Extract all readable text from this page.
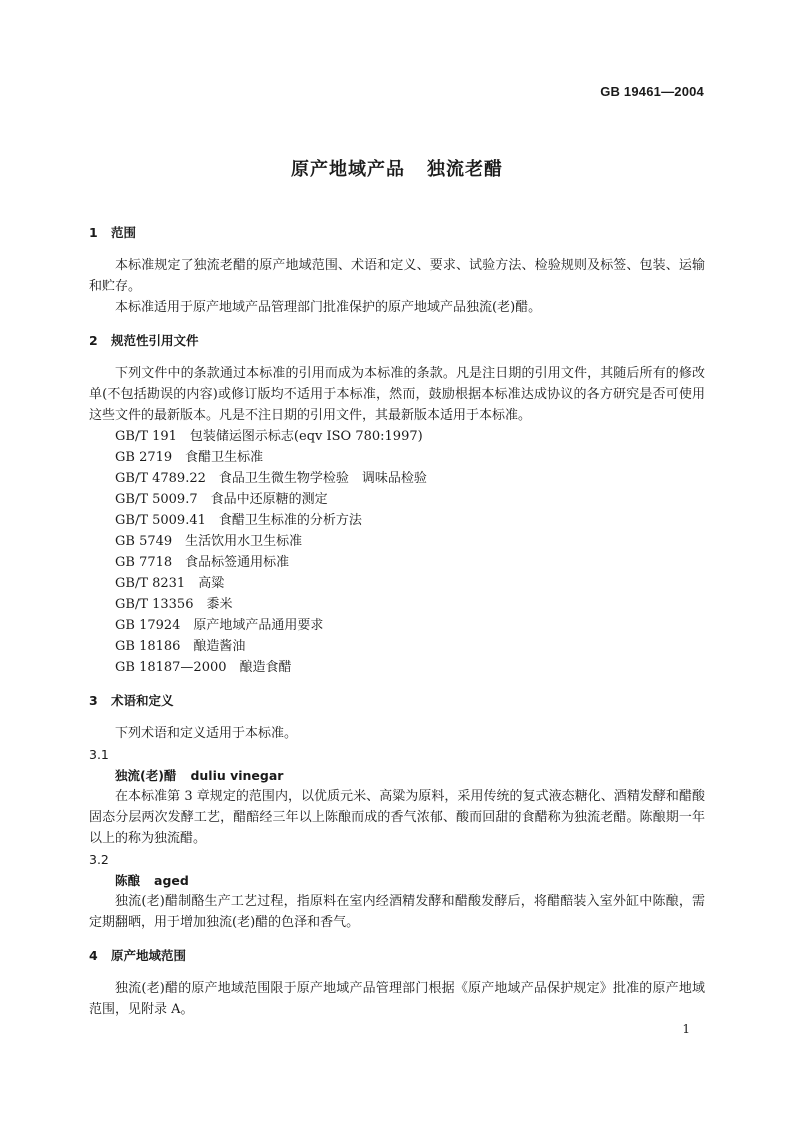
GB 19461—2004
原产地域产品 独流老醋

1 范围

本标准规定了独流老醋的原产地域范围、术语和定义、要求、试验方法、检验规则及标签、包装、运输和贮存。

本标准适用于原产地域产品管理部门批准保护的原产地域产品独流(老)醋。

2 规范性引用文件

下列文件中的条款通过本标准的引用而成为本标准的条款。凡是注日期的引用文件，其随后所有的修改单(不包括勘误的内容)或修订版均不适用于本标准，然而，鼓励根据本标准达成协议的各方研究是否可使用这些文件的最新版本。凡是不注日期的引用文件，其最新版本适用于本标准。

GB/T 191　包装储运图示标志(eqv ISO 780:1997)

GB 2719　食醋卫生标准

GB/T 4789.22　食品卫生微生物学检验　调味品检验

GB/T 5009.7　食品中还原糖的测定

GB/T 5009.41　食醋卫生标准的分析方法

GB 5749　生活饮用水卫生标准

GB 7718　食品标签通用标准

GB/T 8231　高粱

GB/T 13356　黍米

GB 17924　原产地域产品通用要求

GB 18186　酿造酱油

GB 18187—2000　酿造食醋

3 术语和定义

下列术语和定义适用于本标准。

3.1

独流(老)醋 duliu vinegar

在本标准第 3 章规定的范围内，以优质元米、高粱为原料，采用传统的复式液态糖化、酒精发酵和醋酸固态分层两次发酵工艺，醋醅经三年以上陈酿而成的香气浓郁、酸而回甜的食醋称为独流老醋。陈酿期一年以上的称为独流醋。

3.2

陈酿 aged

独流(老)醋制酪生产工艺过程，指原料在室内经酒精发酵和醋酸发酵后，将醋醅装入室外缸中陈酿，需定期翻晒，用于增加独流(老)醋的色泽和香气。

4 原产地域范围

独流(老)醋的原产地域范围限于原产地域产品管理部门根据《原产地域产品保护规定》批准的原产地域范围，见附录 A。

1
